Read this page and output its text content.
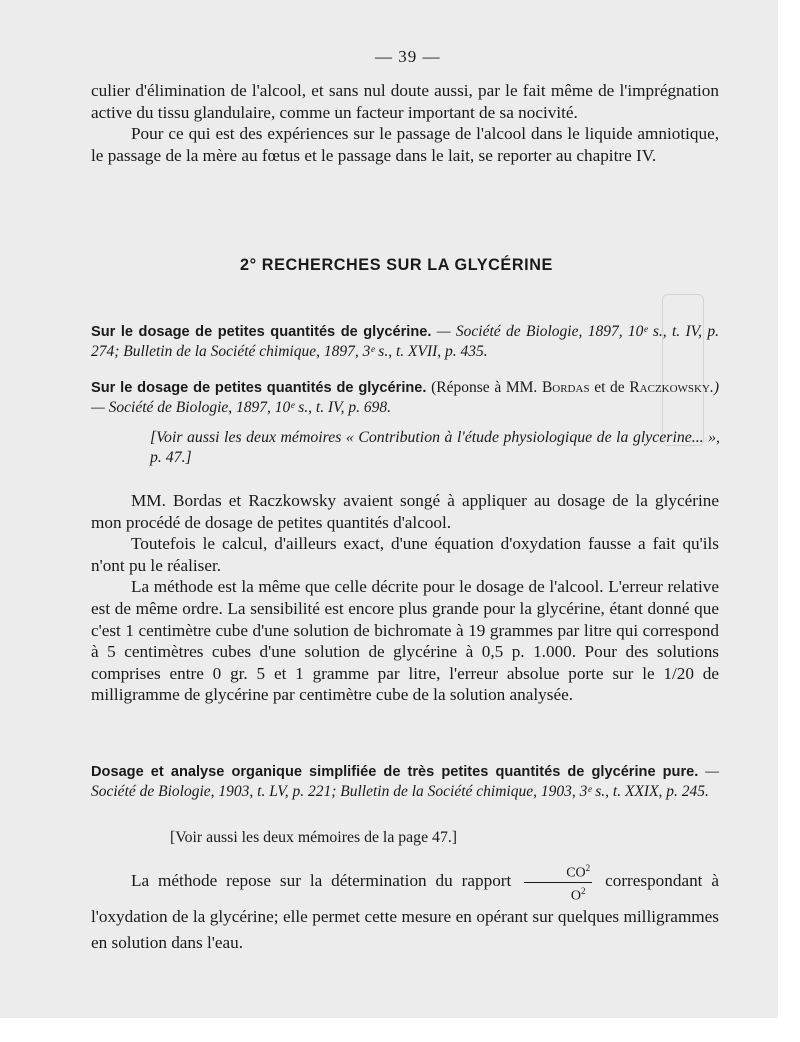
— 39 —
culier d'élimination de l'alcool, et sans nul doute aussi, par le fait même de l'imprégnation active du tissu glandulaire, comme un facteur important de sa nocivité.
Pour ce qui est des expériences sur le passage de l'alcool dans le liquide amniotique, le passage de la mère au fœtus et le passage dans le lait, se reporter au chapitre IV.
2° RECHERCHES SUR LA GLYCÉRINE
Sur le dosage de petites quantités de glycérine. — Société de Biologie, 1897, 10ᵉ s., t. IV, p. 274; Bulletin de la Société chimique, 1897, 3ᵉ s., t. XVII, p. 435.
Sur le dosage de petites quantités de glycérine. (Réponse à MM. Bordas et de Raczkowsky.) — Société de Biologie, 1897, 10ᵉ s., t. IV, p. 698.
[Voir aussi les deux mémoires « Contribution à l'étude physiologique de la glycerine... », p. 47.]
MM. Bordas et Raczkowsky avaient songé à appliquer au dosage de la glycérine mon procédé de dosage de petites quantités d'alcool.
Toutefois le calcul, d'ailleurs exact, d'une équation d'oxydation fausse a fait qu'ils n'ont pu le réaliser.
La méthode est la même que celle décrite pour le dosage de l'alcool. L'erreur relative est de même ordre. La sensibilité est encore plus grande pour la glycérine, étant donné que c'est 1 centimètre cube d'une solution de bichromate à 19 grammes par litre qui correspond à 5 centimètres cubes d'une solution de glycérine à 0,5 p. 1.000. Pour des solutions comprises entre 0 gr. 5 et 1 gramme par litre, l'erreur absolue porte sur le 1/20 de milligramme de glycérine par centimètre cube de la solution analysée.
Dosage et analyse organique simplifiée de très petites quantités de glycérine pure. — Société de Biologie, 1903, t. LV, p. 221; Bulletin de la Société chimique, 1903, 3ᵉ s., t. XXIX, p. 245.
[Voir aussi les deux mémoires de la page 47.]
La méthode repose sur la détermination du rapport $\frac{CO^2}{O^2}$ correspondant à l'oxydation de la glycérine; elle permet cette mesure en opérant sur quelques milligrammes en solution dans l'eau.
